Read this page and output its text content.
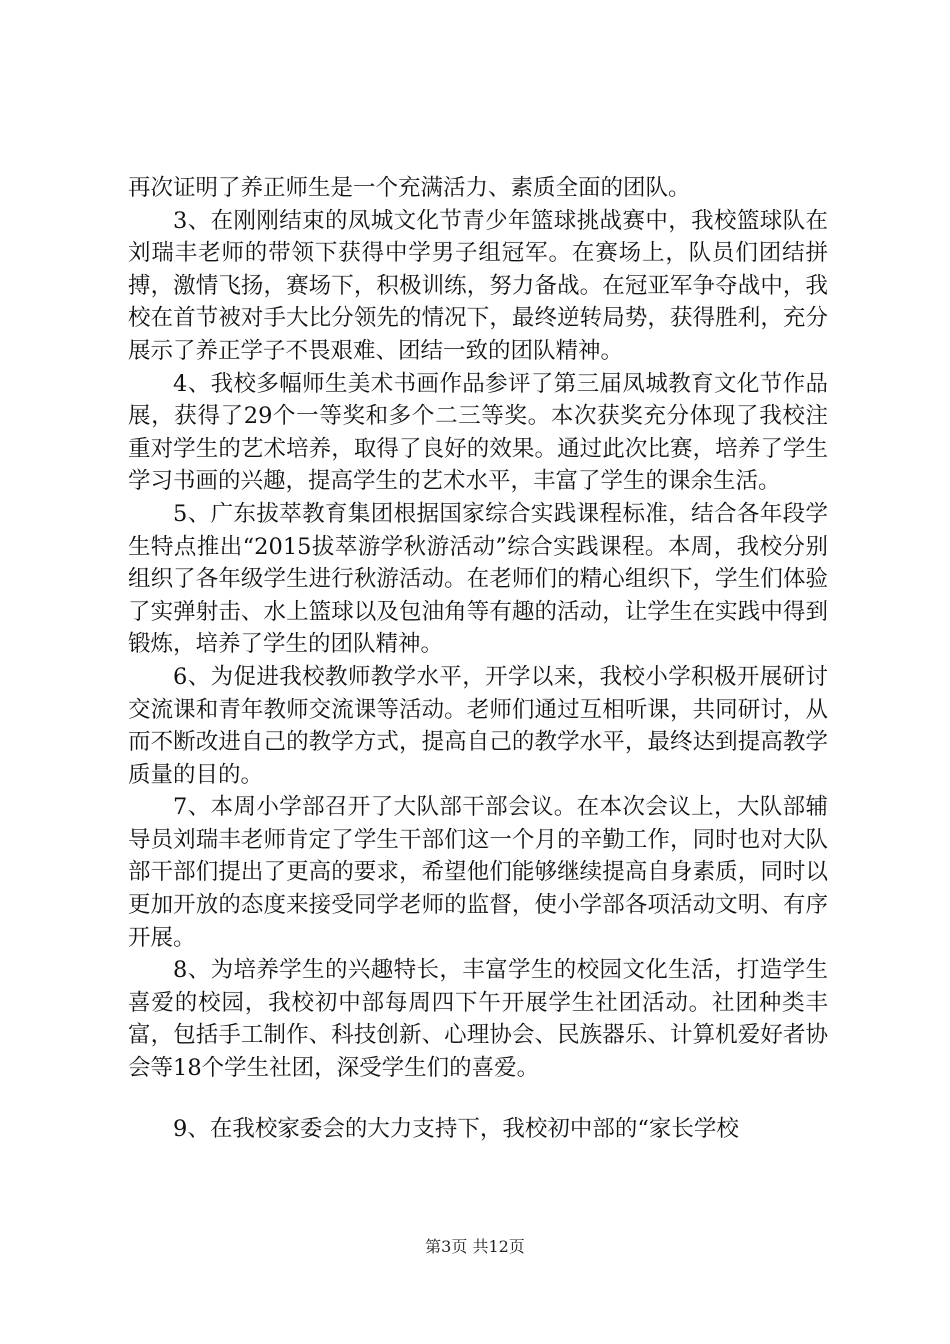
再次证明了养正师生是一个充满活力、素质全面的团队。

3、在刚刚结束的凤城文化节青少年篮球挑战赛中，我校篮球队在刘瑞丰老师的带领下获得中学男子组冠军。在赛场上，队员们团结拼搏，激情飞扬，赛场下，积极训练，努力备战。在冠亚军争夺战中，我校在首节被对手大比分领先的情况下，最终逆转局势，获得胜利，充分展示了养正学子不畏艰难、团结一致的团队精神。

4、我校多幅师生美术书画作品参评了第三届凤城教育文化节作品展，获得了29个一等奖和多个二三等奖。本次获奖充分体现了我校注重对学生的艺术培养，取得了良好的效果。通过此次比赛，培养了学生学习书画的兴趣，提高学生的艺术水平，丰富了学生的课余生活。

5、广东拔萃教育集团根据国家综合实践课程标准，结合各年段学生特点推出“2015拔萃游学秋游活动”综合实践课程。本周，我校分别组织了各年级学生进行秋游活动。在老师们的精心组织下，学生们体验了实弹射击、水上篮球以及包油角等有趣的活动，让学生在实践中得到锻炼，培养了学生的团队精神。

6、为促进我校教师教学水平，开学以来，我校小学积极开展研讨交流课和青年教师交流课等活动。老师们通过互相听课，共同研讨，从而不断改进自己的教学方式，提高自己的教学水平，最终达到提高教学质量的目的。

7、本周小学部召开了大队部干部会议。在本次会议上，大队部辅导员刘瑞丰老师肯定了学生干部们这一个月的辛勤工作，同时也对大队部干部们提出了更高的要求，希望他们能够继续提高自身素质，同时以更加开放的态度来接受同学老师的监督，使小学部各项活动文明、有序开展。

8、为培养学生的兴趣特长，丰富学生的校园文化生活，打造学生喜爱的校园，我校初中部每周四下午开展学生社团活动。社团种类丰富，包括手工制作、科技创新、心理协会、民族器乐、计算机爱好者协会等18个学生社团，深受学生们的喜爱。

9、在我校家委会的大力支持下，我校初中部的“家长学校

第3页 共12页
